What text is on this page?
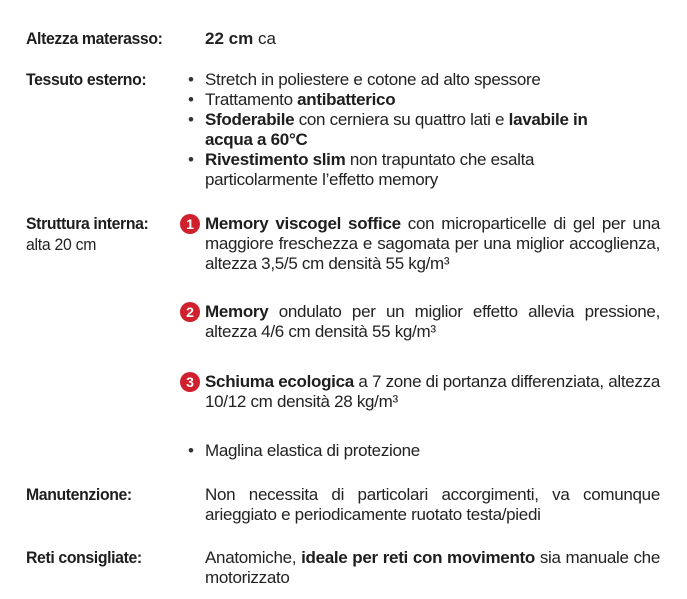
Altezza materasso: 22 cm ca
Tessuto esterno: • Stretch in poliestere e cotone ad alto spessore
• Trattamento antibatterico
• Sfoderabile con cerniera su quattro lati e lavabile in acqua a 60°C
• Rivestimento slim non trapuntato che esalta particolarmente l’effetto memory
Struttura interna:
alta 20 cm
1 Memory viscogel soffice con microparticelle di gel per una maggiore freschezza e sagomata per una miglior accoglienza, altezza 3,5/5 cm densità 55 kg/m³
2 Memory ondulato per un miglior effetto allevia pressione, altezza 4/6 cm densità 55 kg/m³
3 Schiuma ecologica a 7 zone di portanza differenziata, altezza 10/12 cm densità 28 kg/m³
• Maglina elastica di protezione
Manutenzione:	Non necessita di particolari accorgimenti, va comunque arieggiato e periodicamente ruotato testa/piedi
Reti consigliate:	Anatomiche, ideale per reti con movimento sia manuale che motorizzato
